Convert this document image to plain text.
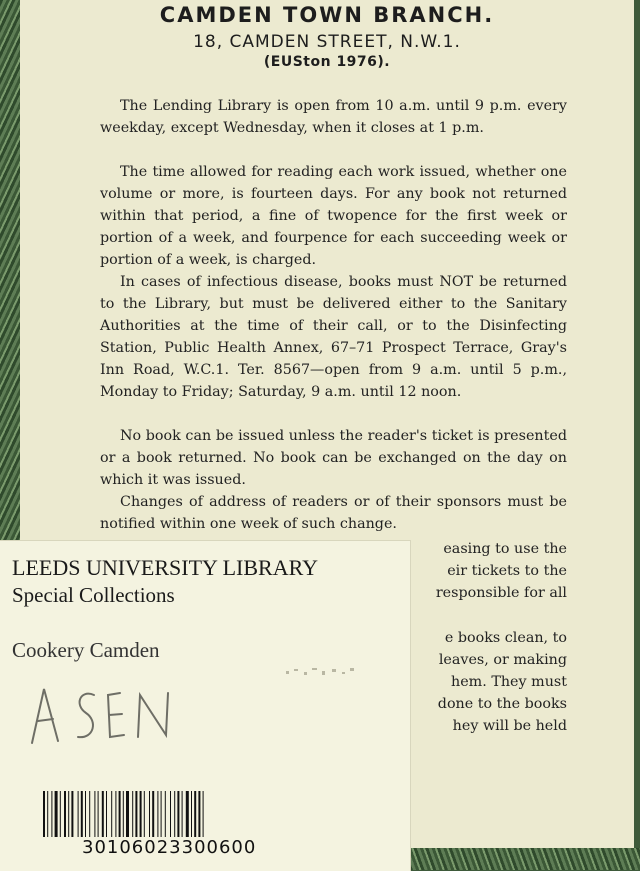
CAMDEN TOWN BRANCH.
18, CAMDEN STREET, N.W.1.
(EUSton 1976).
The Lending Library is open from 10 a.m. until 9 p.m. every weekday, except Wednesday, when it closes at 1 p.m.
The time allowed for reading each work issued, whether one volume or more, is fourteen days. For any book not returned within that period, a fine of twopence for the first week or portion of a week, and fourpence for each succeeding week or portion of a week, is charged.
In cases of infectious disease, books must NOT be returned to the Library, but must be delivered either to the Sanitary Authorities at the time of their call, or to the Disinfecting Station, Public Health Annex, 67–71 Prospect Terrace, Gray's Inn Road, W.C.1. Ter. 8567—open from 9 a.m. until 5 p.m., Monday to Friday; Saturday, 9 a.m. until 12 noon.
No book can be issued unless the reader's ticket is presented or a book returned. No book can be exchanged on the day on which it was issued.
Changes of address of readers or of their sponsors must be notified within one week of such change.
easing to use the
eir tickets to the
responsible for all
e books clean, to
leaves, or making
hem. They must
done to the books
hey will be held
LEEDS UNIVERSITY LIBRARY
Special Collections
Cookery Camden
30106023300600
